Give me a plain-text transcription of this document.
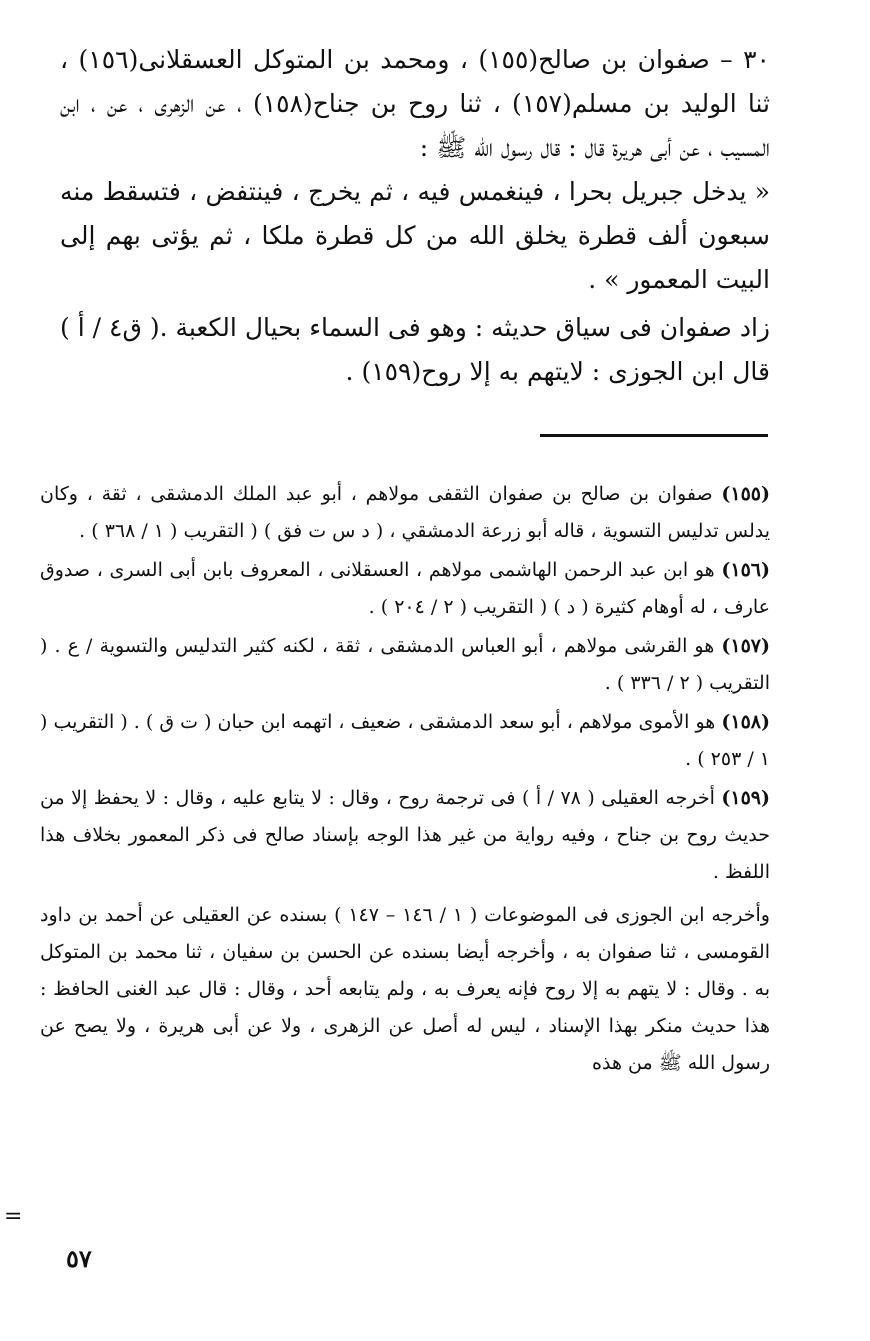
٣٠ – صفوان بن صالح(١٥٥) ، ومحمد بن المتوكل العسقلانى(١٥٦) ، ثنا الوليد بن مسلم(١٥٧) ، ثنا روح بن جناح(١٥٨) ، عن الزهرى ، عن ، ابن المسيب ، عن أبى هريرة قال : قال رسول الله ﷺ :

« يدخل جبريل بحرا ، فينغمس فيه ، ثم يخرج ، فينتفض ، فتسقط منه سبعون ألف قطرة يخلق الله من كل قطرة ملكا ، ثم يؤتى بهم إلى البيت المعمور » .

زاد صفوان فى سياق حديثه : وهو فى السماء بحيال الكعبة .( ق٤ / أ ) قال ابن الجوزى : لايتهم به إلا روح(١٥٩) .

(١٥٥) صفوان بن صالح بن صفوان الثقفى مولاهم ، أبو عبد الملك الدمشقى ، ثقة ، وكان يدلس تدليس التسوية ، قاله أبو زرعة الدمشقي ، ( د س ت فق ) ( التقريب ( ١ / ٣٦٨ ) .

(١٥٦) هو ابن عبد الرحمن الهاشمى مولاهم ، العسقلانى ، المعروف بابن أبى السرى ، صدوق عارف ، له أوهام كثيرة ( د ) ( التقريب ( ٢ / ٢٠٤ ) .

(١٥٧) هو القرشى مولاهم ، أبو العباس الدمشقى ، ثقة ، لكنه كثير التدليس والتسوية / ع . ( التقريب ( ٢ / ٣٣٦ ) .

(١٥٨) هو الأموى مولاهم ، أبو سعد الدمشقى ، ضعيف ، اتهمه ابن حبان ( ت ق ) . ( التقريب ( ١ / ٢٥٣ ) .

(١٥٩) أخرجه العقيلى ( ٧٨ / أ ) فى ترجمة روح ، وقال : لا يتابع عليه ، وقال : لا يحفظ إلا من حديث روح بن جناح ، وفيه رواية من غير هذا الوجه بإسناد صالح فى ذكر المعمور بخلاف هذا اللفظ .

وأخرجه ابن الجوزى فى الموضوعات ( ١ / ١٤٦ – ١٤٧ ) بسنده عن العقيلى عن أحمد بن داود القومسى ، ثنا صفوان به ، وأخرجه أيضا بسنده عن الحسن بن سفيان ، ثنا محمد بن المتوكل به . وقال : لا يتهم به إلا روح فإنه يعرف به ، ولم يتابعه أحد ، وقال : قال عبد الغنى الحافظ : هذا حديث منكر بهذا الإسناد ، ليس له أصل عن الزهرى ، ولا عن أبى هريرة ، ولا يصح عن رسول الله ﷺ من هذه

=
٥٧
